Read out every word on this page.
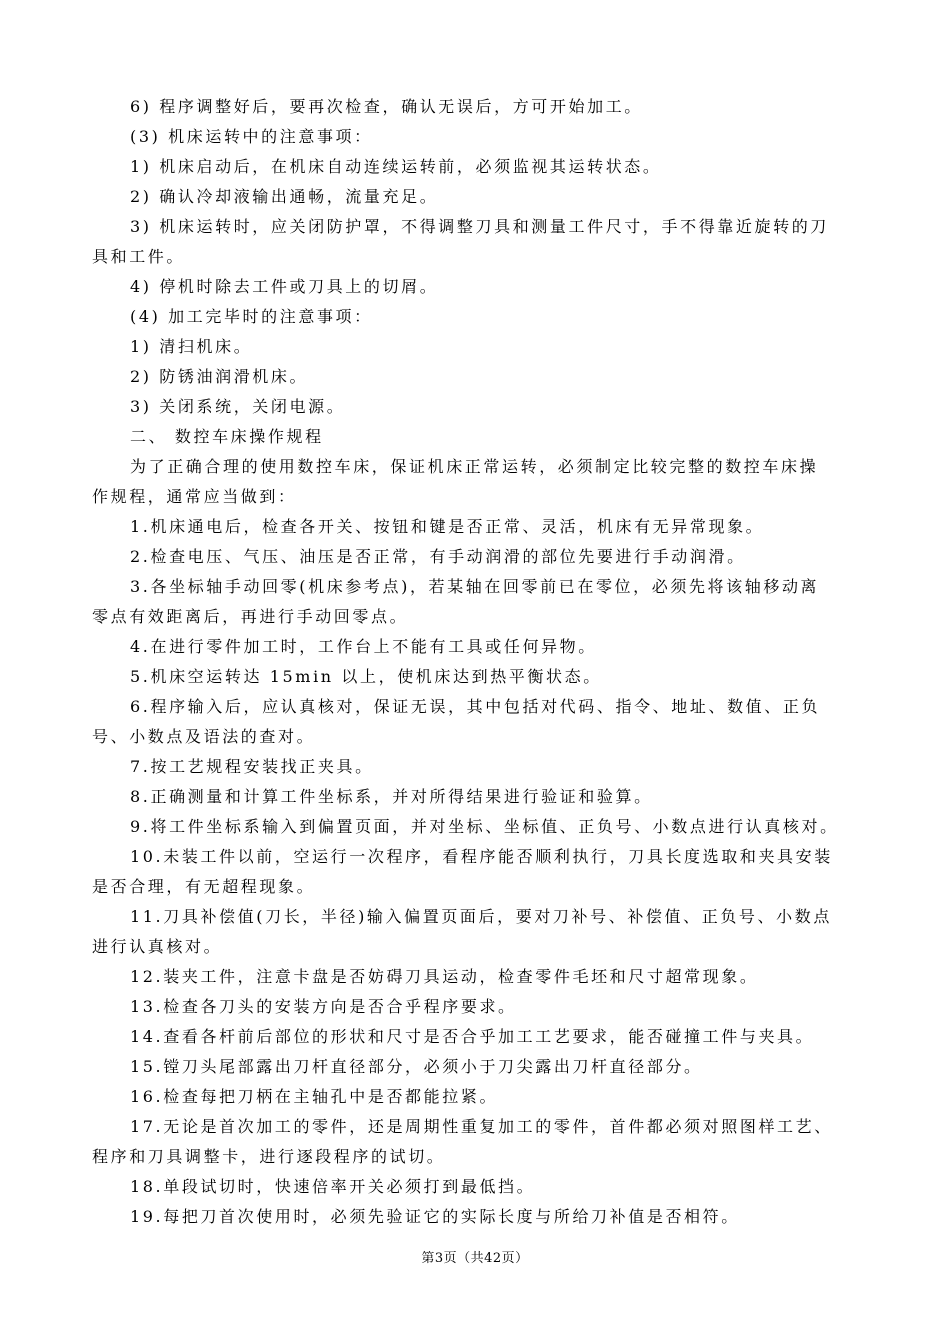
6) 程序调整好后，要再次检查，确认无误后，方可开始加工。
(3) 机床运转中的注意事项：
1) 机床启动后，在机床自动连续运转前，必须监视其运转状态。
2) 确认冷却液输出通畅，流量充足。
3) 机床运转时，应关闭防护罩，不得调整刀具和测量工件尺寸，手不得靠近旋转的刀
具和工件。
4) 停机时除去工件或刀具上的切屑。
(4) 加工完毕时的注意事项：
1) 清扫机床。
2) 防锈油润滑机床。
3) 关闭系统，关闭电源。
二、 数控车床操作规程
为了正确合理的使用数控车床，保证机床正常运转，必须制定比较完整的数控车床操
作规程，通常应当做到：
1.机床通电后，检查各开关、按钮和键是否正常、灵活，机床有无异常现象。
2.检查电压、气压、油压是否正常，有手动润滑的部位先要进行手动润滑。
3.各坐标轴手动回零(机床参考点)，若某轴在回零前已在零位，必须先将该轴移动离
零点有效距离后，再进行手动回零点。
4.在进行零件加工时，工作台上不能有工具或任何异物。
5.机床空运转达 15min 以上，使机床达到热平衡状态。
6.程序输入后，应认真核对，保证无误，其中包括对代码、指令、地址、数值、正负
号、小数点及语法的查对。
7.按工艺规程安装找正夹具。
8.正确测量和计算工件坐标系，并对所得结果进行验证和验算。
9.将工件坐标系输入到偏置页面，并对坐标、坐标值、正负号、小数点进行认真核对。
10.未装工件以前，空运行一次程序，看程序能否顺利执行，刀具长度选取和夹具安装
是否合理，有无超程现象。
11.刀具补偿值(刀长，半径)输入偏置页面后，要对刀补号、补偿值、正负号、小数点
进行认真核对。
12.装夹工件，注意卡盘是否妨碍刀具运动，检查零件毛坯和尺寸超常现象。
13.检查各刀头的安装方向是否合乎程序要求。
14.查看各杆前后部位的形状和尺寸是否合乎加工工艺要求，能否碰撞工件与夹具。
15.镗刀头尾部露出刀杆直径部分，必须小于刀尖露出刀杆直径部分。
16.检查每把刀柄在主轴孔中是否都能拉紧。
17.无论是首次加工的零件，还是周期性重复加工的零件，首件都必须对照图样工艺、
程序和刀具调整卡，进行逐段程序的试切。
18.单段试切时，快速倍率开关必须打到最低挡。
19.每把刀首次使用时，必须先验证它的实际长度与所给刀补值是否相符。
第3页（共42页）
